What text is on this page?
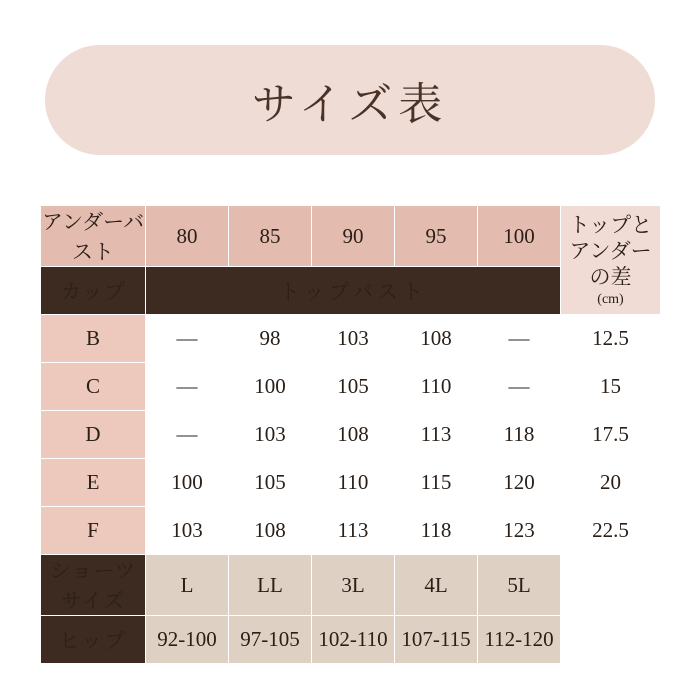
サイズ表
アンダーバスト	80	85	90	95	100	トップと
アンダーの差

(cm)

カップ	トップバスト					
B	―	98	103	108	―	12.5
C	―	100	105	110	―	15
D	―	103	108	113	118	17.5
E	100	105	110	115	120	20
F	103	108	113	118	123	22.5
ショーツサイズ	L	LL	3L	4L	5L	
ヒップ	92-100	97-105	102-110	107-115	112-120	
